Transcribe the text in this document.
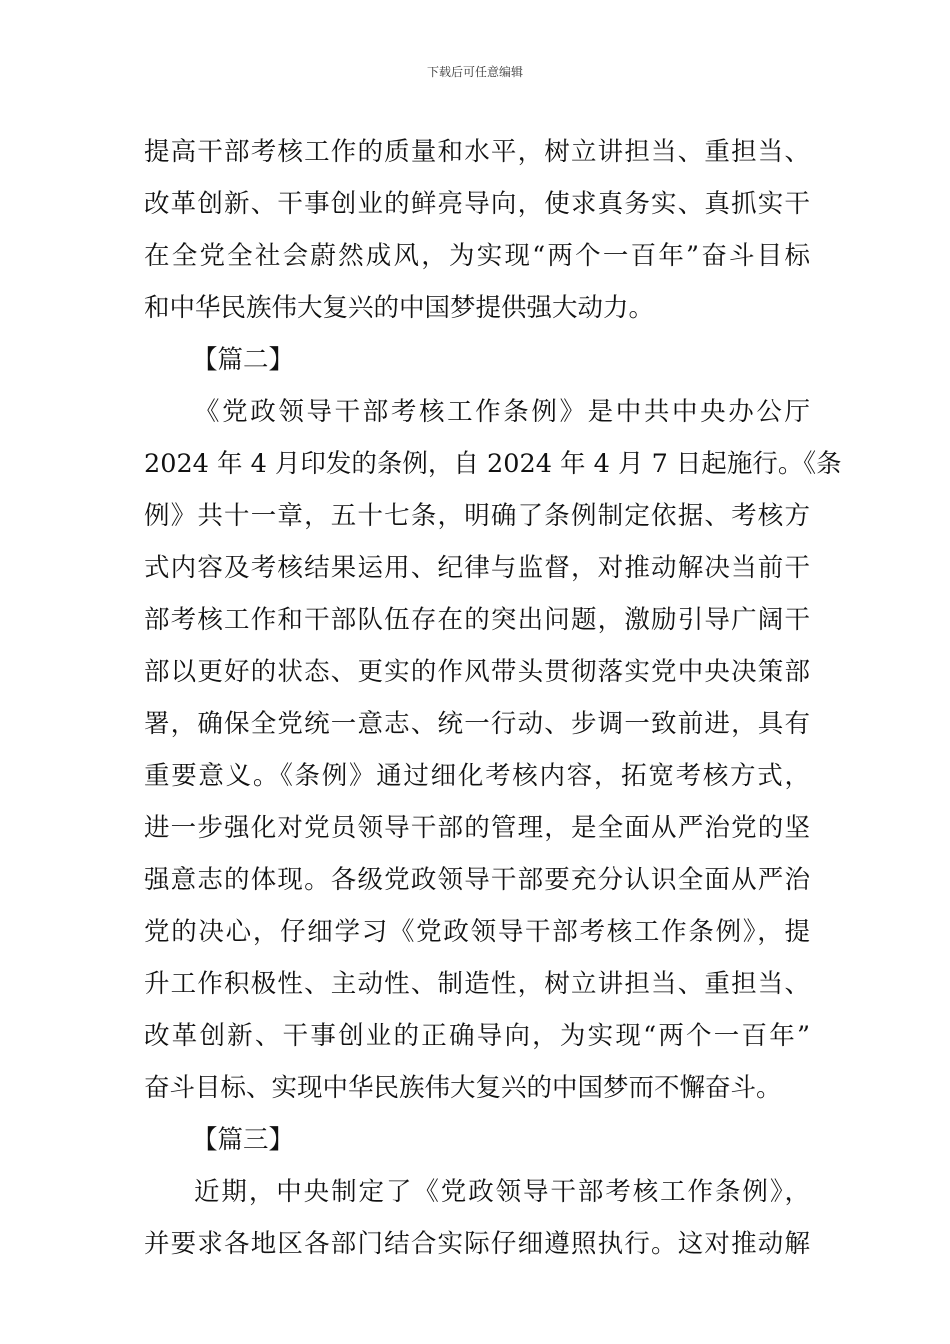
下载后可任意编辑
提高干部考核工作的质量和水平，树立讲担当、重担当、
改革创新、干事创业的鲜亮导向，使求真务实、真抓实干
在全党全社会蔚然成风，为实现“两个一百年”奋斗目标
和中华民族伟大复兴的中国梦提供强大动力。
【篇二】
《党政领导干部考核工作条例》是中共中央办公厅
2024 年 4 月印发的条例，自 2024 年 4 月 7 日起施行。《条
例》共十一章，五十七条，明确了条例制定依据、考核方
式内容及考核结果运用、纪律与监督，对推动解决当前干
部考核工作和干部队伍存在的突出问题，激励引导广阔干
部以更好的状态、更实的作风带头贯彻落实党中央决策部
署，确保全党统一意志、统一行动、步调一致前进，具有
重要意义。《条例》通过细化考核内容，拓宽考核方式，
进一步强化对党员领导干部的管理，是全面从严治党的坚
强意志的体现。各级党政领导干部要充分认识全面从严治
党的决心，仔细学习《党政领导干部考核工作条例》，提
升工作积极性、主动性、制造性，树立讲担当、重担当、
改革创新、干事创业的正确导向，为实现“两个一百年”
奋斗目标、实现中华民族伟大复兴的中国梦而不懈奋斗。
【篇三】
近期，中央制定了《党政领导干部考核工作条例》，
并要求各地区各部门结合实际仔细遵照执行。这对推动解
